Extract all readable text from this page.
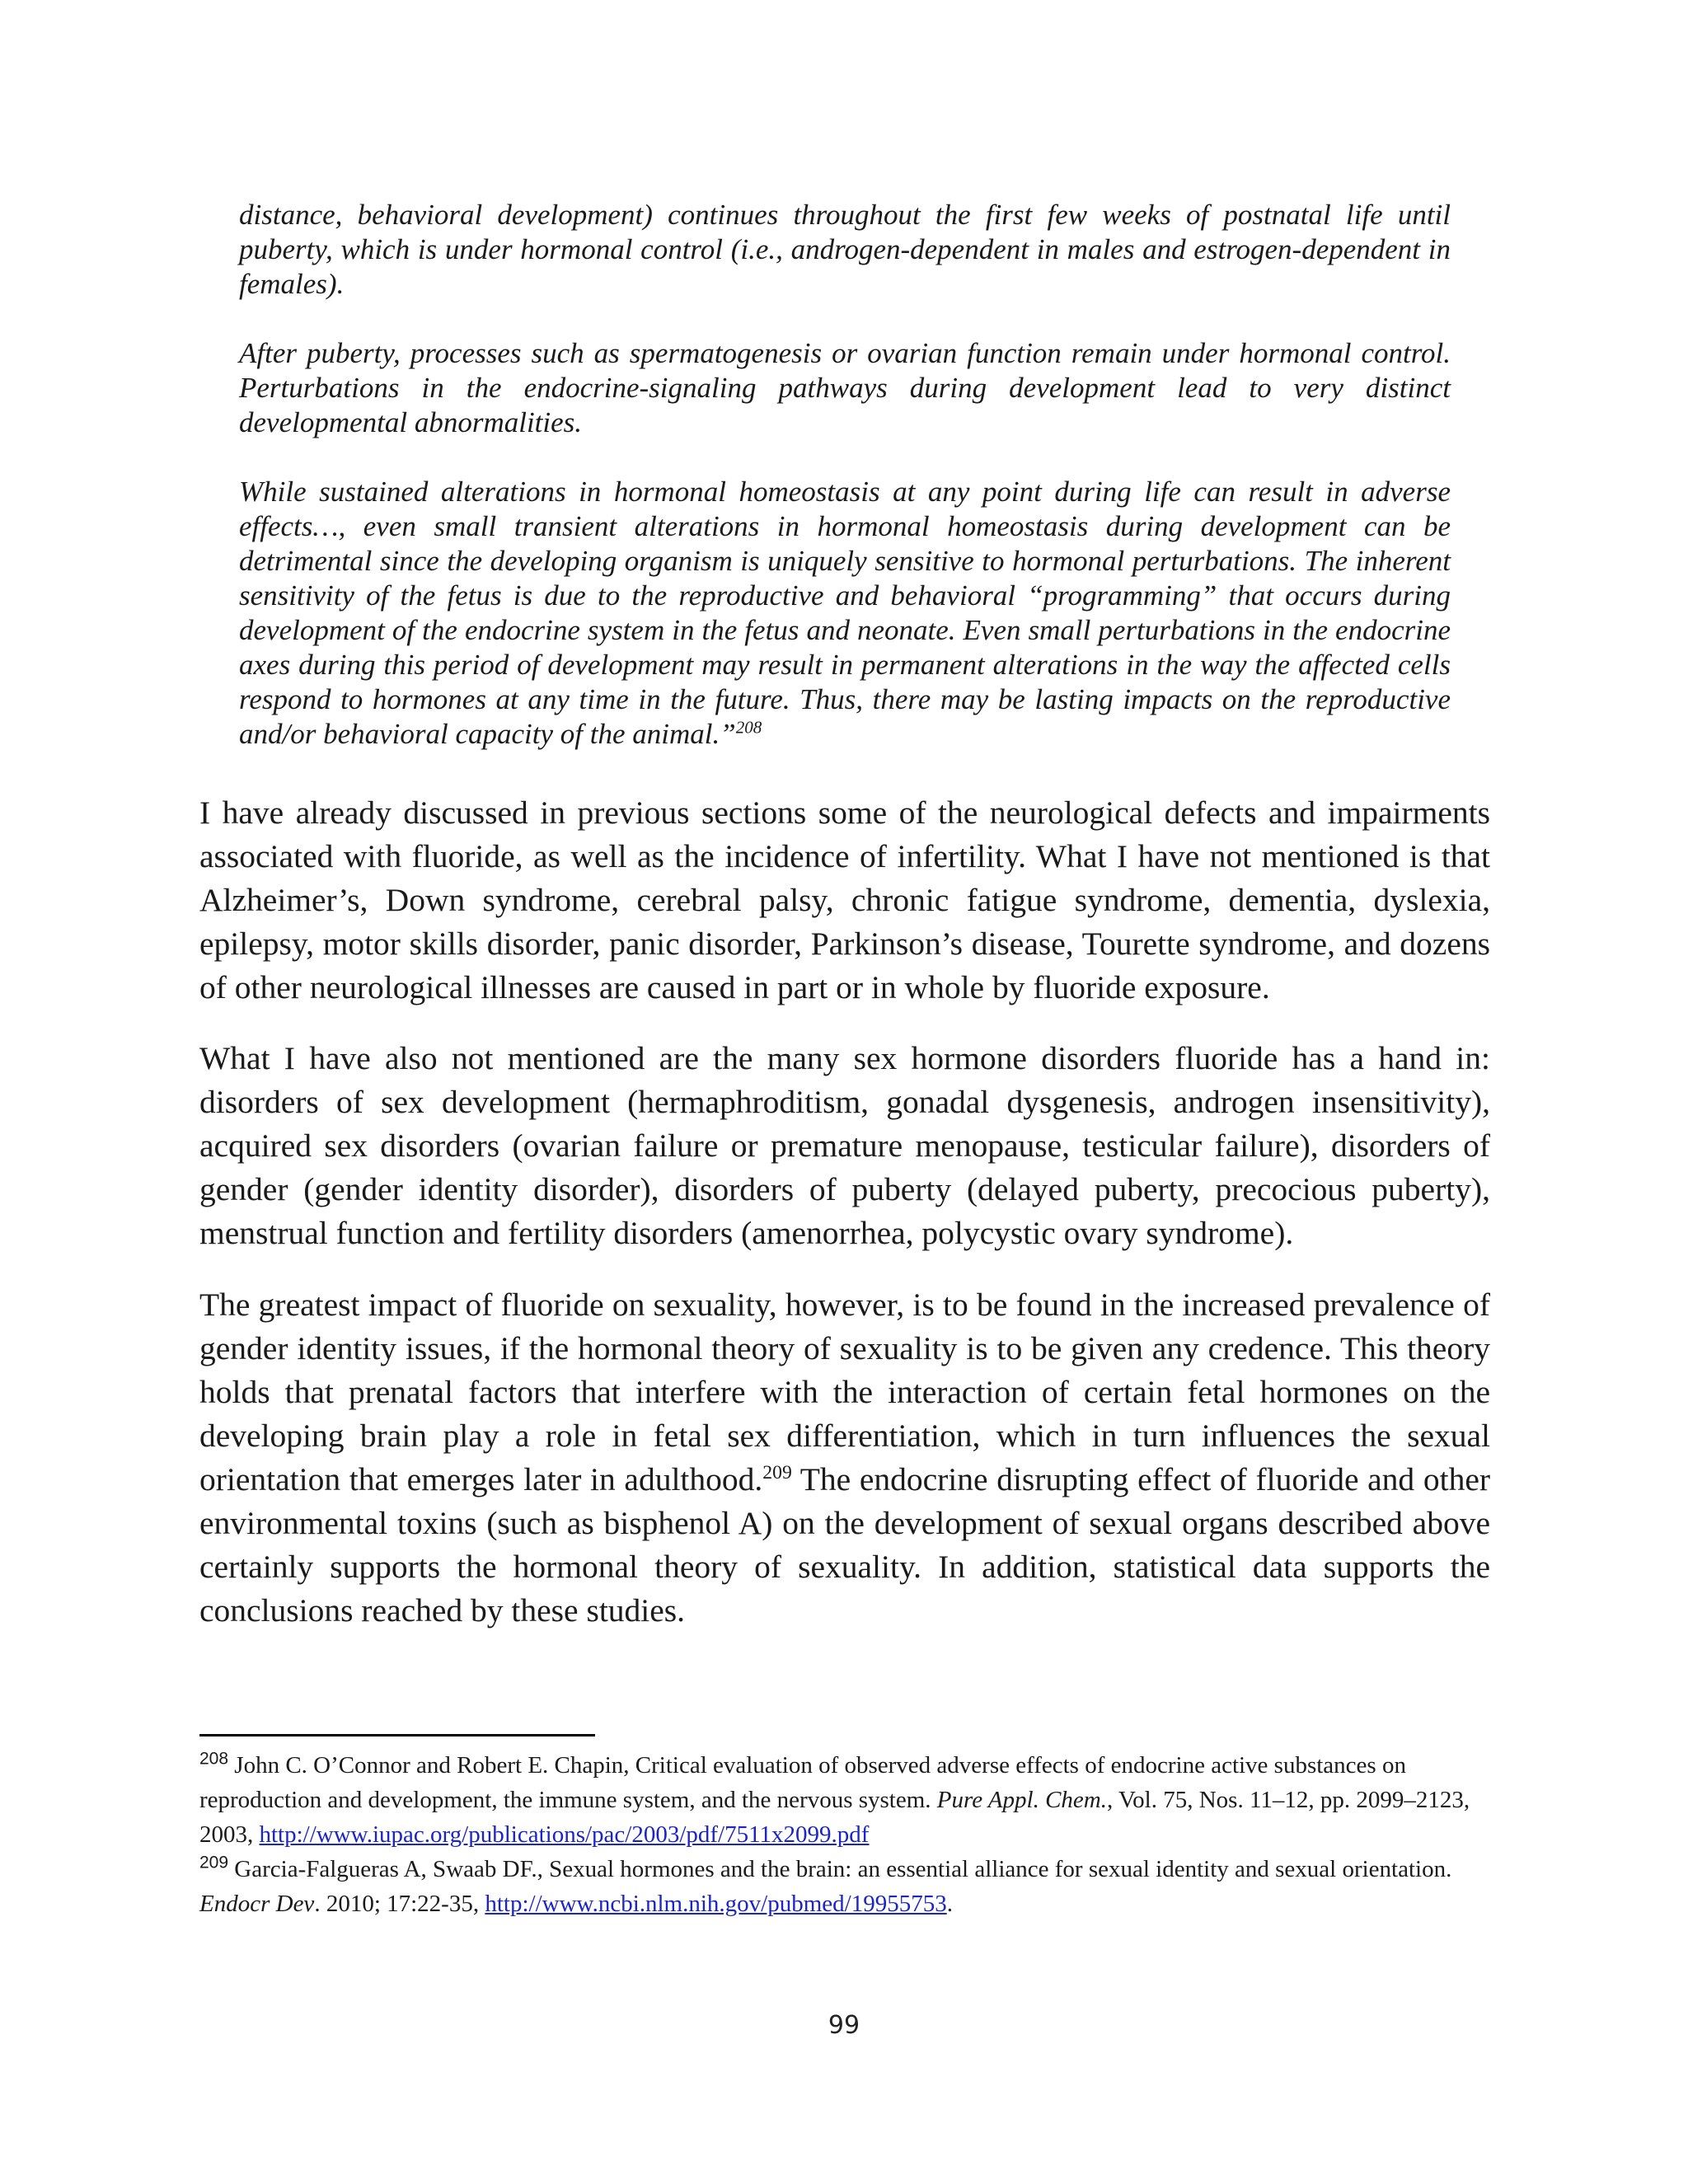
distance, behavioral development) continues throughout the first few weeks of postnatal life until puberty, which is under hormonal control (i.e., androgen-dependent in males and estrogen-dependent in females).

After puberty, processes such as spermatogenesis or ovarian function remain under hormonal control. Perturbations in the endocrine-signaling pathways during development lead to very distinct developmental abnormalities.

While sustained alterations in hormonal homeostasis at any point during life can result in adverse effects…, even small transient alterations in hormonal homeostasis during development can be detrimental since the developing organism is uniquely sensitive to hormonal perturbations. The inherent sensitivity of the fetus is due to the reproductive and behavioral “programming” that occurs during development of the endocrine system in the fetus and neonate. Even small perturbations in the endocrine axes during this period of development may result in permanent alterations in the way the affected cells respond to hormones at any time in the future. Thus, there may be lasting impacts on the reproductive and/or behavioral capacity of the animal.”$^{208}$

I have already discussed in previous sections some of the neurological defects and impairments associated with fluoride, as well as the incidence of infertility. What I have not mentioned is that Alzheimer’s, Down syndrome, cerebral palsy, chronic fatigue syndrome, dementia, dyslexia, epilepsy, motor skills disorder, panic disorder, Parkinson’s disease, Tourette syndrome, and dozens of other neurological illnesses are caused in part or in whole by fluoride exposure.

What I have also not mentioned are the many sex hormone disorders fluoride has a hand in: disorders of sex development (hermaphroditism, gonadal dysgenesis, androgen insensitivity), acquired sex disorders (ovarian failure or premature menopause, testicular failure), disorders of gender (gender identity disorder), disorders of puberty (delayed puberty, precocious puberty), menstrual function and fertility disorders (amenorrhea, polycystic ovary syndrome).

The greatest impact of fluoride on sexuality, however, is to be found in the increased prevalence of gender identity issues, if the hormonal theory of sexuality is to be given any credence. This theory holds that prenatal factors that interfere with the interaction of certain fetal hormones on the developing brain play a role in fetal sex differentiation, which in turn influences the sexual orientation that emerges later in adulthood.$^{209}$ The endocrine disrupting effect of fluoride and other environmental toxins (such as bisphenol A) on the development of sexual organs described above certainly supports the hormonal theory of sexuality. In addition, statistical data supports the conclusions reached by these studies.

$^{208}$ John C. O’Connor and Robert E. Chapin, Critical evaluation of observed adverse effects of endocrine active substances on reproduction and development, the immune system, and the nervous system. Pure Appl. Chem., Vol. 75, Nos. 11–12, pp. 2099–2123, 2003, http://www.iupac.org/publications/pac/2003/pdf/7511x2099.pdf

$^{209}$ Garcia-Falgueras A, Swaab DF., Sexual hormones and the brain: an essential alliance for sexual identity and sexual orientation. Endocr Dev. 2010; 17:22-35, http://www.ncbi.nlm.nih.gov/pubmed/19955753.

99
